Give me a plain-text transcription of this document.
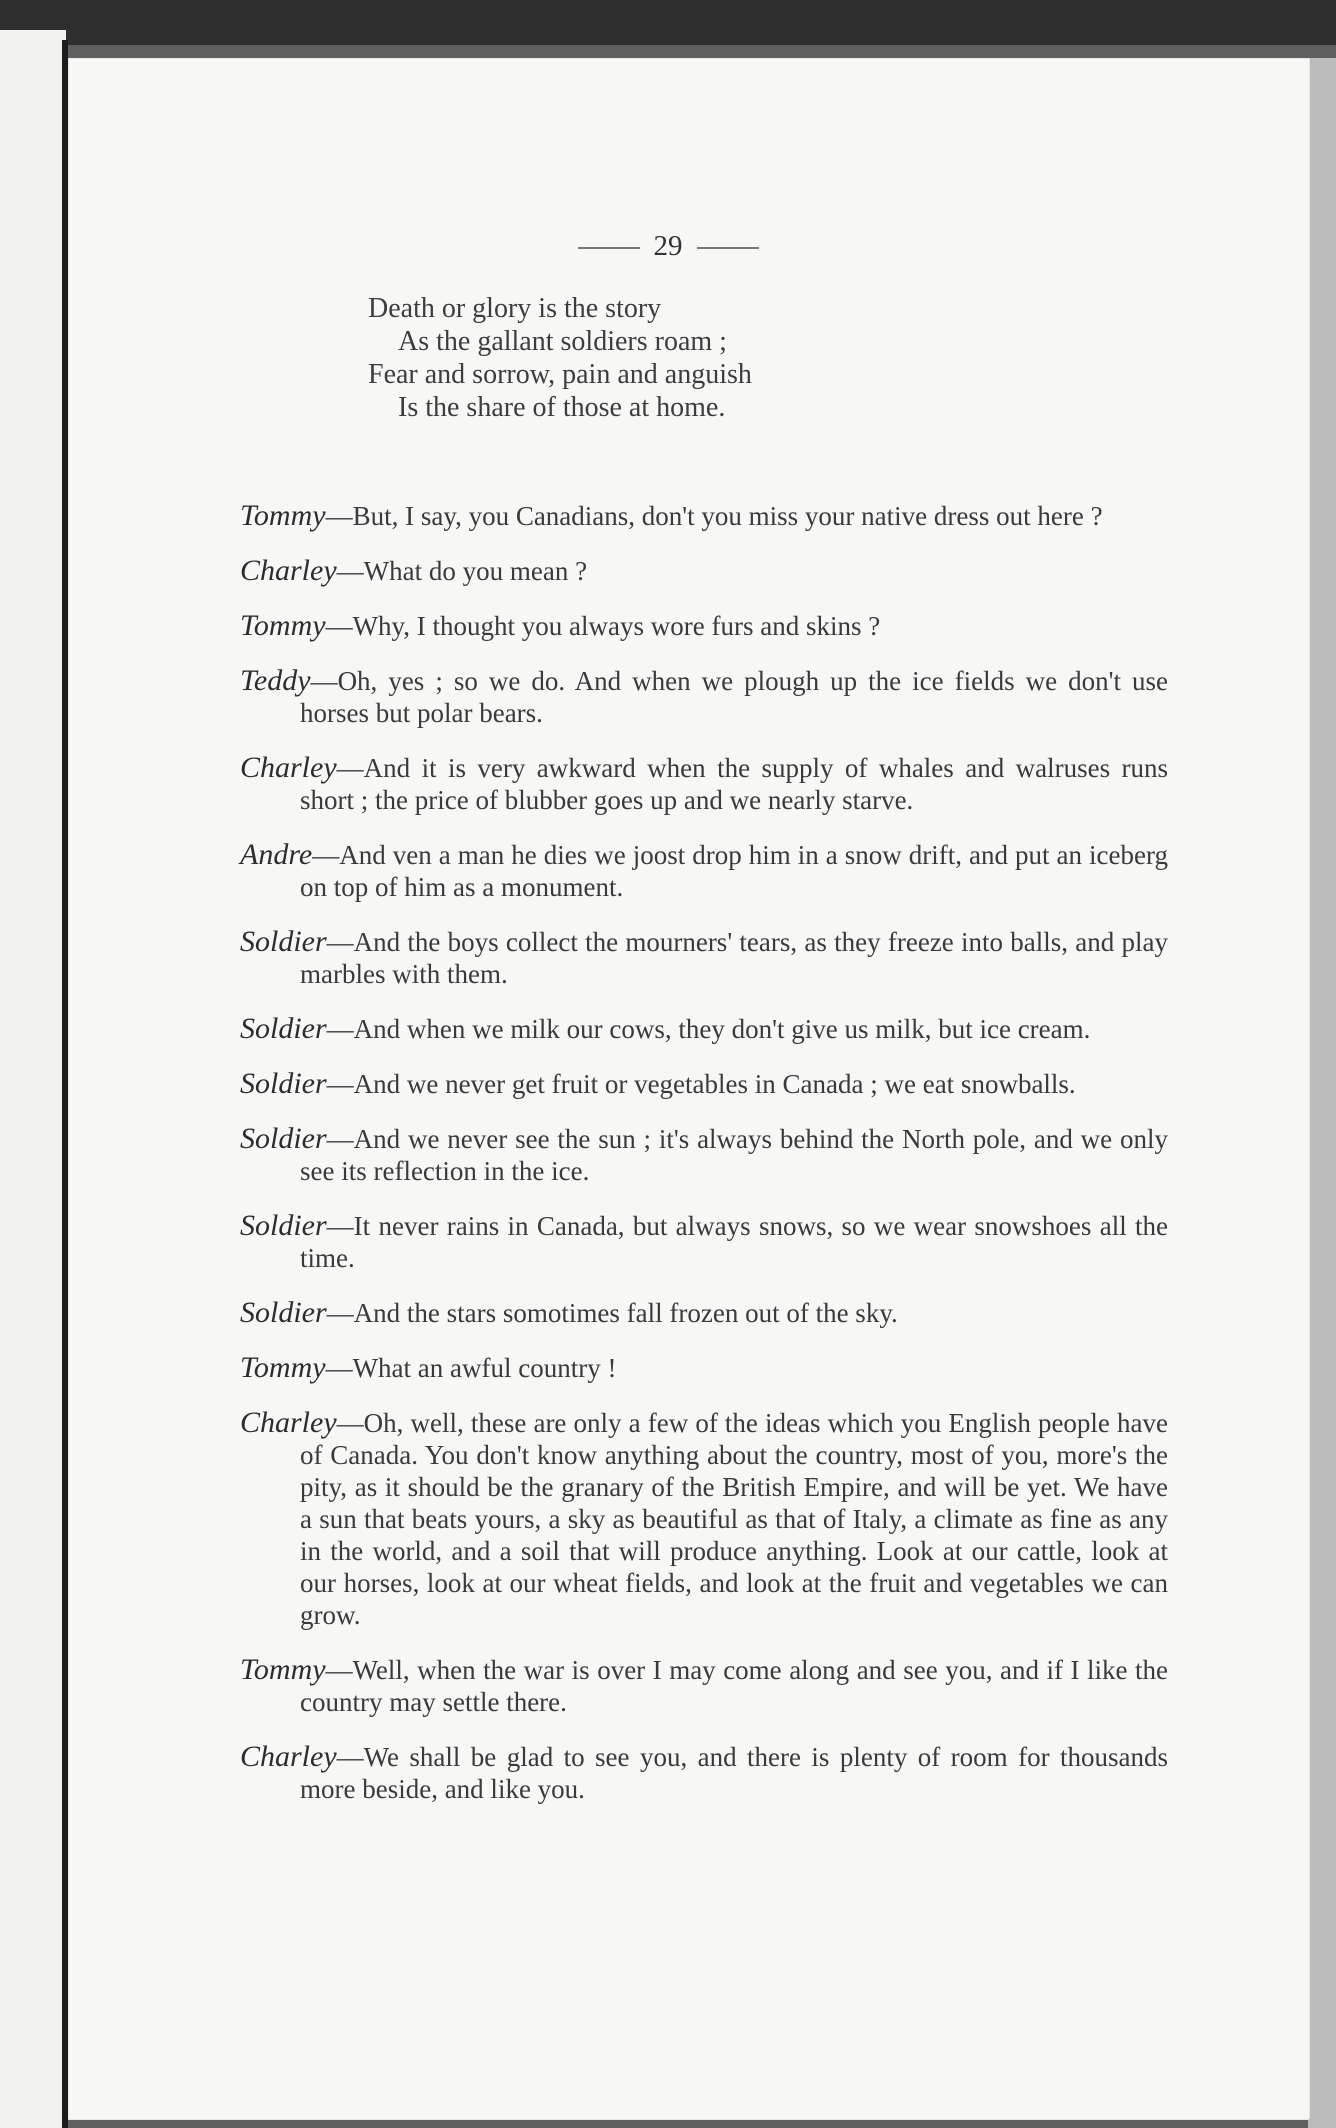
29
Death or glory is the story
As the gallant soldiers roam ;
Fear and sorrow, pain and anguish
Is the share of those at home.
Tommy—But, I say, you Canadians, don't you miss your native dress out here ?
Charley—What do you mean ?
Tommy—Why, I thought you always wore furs and skins ?
Teddy—Oh, yes ; so we do. And when we plough up the ice fields we don't use horses but polar bears.
Charley—And it is very awkward when the supply of whales and walruses runs short ; the price of blubber goes up and we nearly starve.
Andre—And ven a man he dies we joost drop him in a snow drift, and put an iceberg on top of him as a monument.
Soldier—And the boys collect the mourners' tears, as they freeze into balls, and play marbles with them.
Soldier—And when we milk our cows, they don't give us milk, but ice cream.
Soldier—And we never get fruit or vegetables in Canada ; we eat snowballs.
Soldier—And we never see the sun ; it's always behind the North pole, and we only see its reflection in the ice.
Soldier—It never rains in Canada, but always snows, so we wear snowshoes all the time.
Soldier—And the stars somotimes fall frozen out of the sky.
Tommy—What an awful country !
Charley—Oh, well, these are only a few of the ideas which you English people have of Canada. You don't know anything about the country, most of you, more's the pity, as it should be the granary of the British Empire, and will be yet. We have a sun that beats yours, a sky as beautiful as that of Italy, a climate as fine as any in the world, and a soil that will produce anything. Look at our cattle, look at our horses, look at our wheat fields, and look at the fruit and vegetables we can grow.
Tommy—Well, when the war is over I may come along and see you, and if I like the country may settle there.
Charley—We shall be glad to see you, and there is plenty of room for thousands more beside, and like you.
